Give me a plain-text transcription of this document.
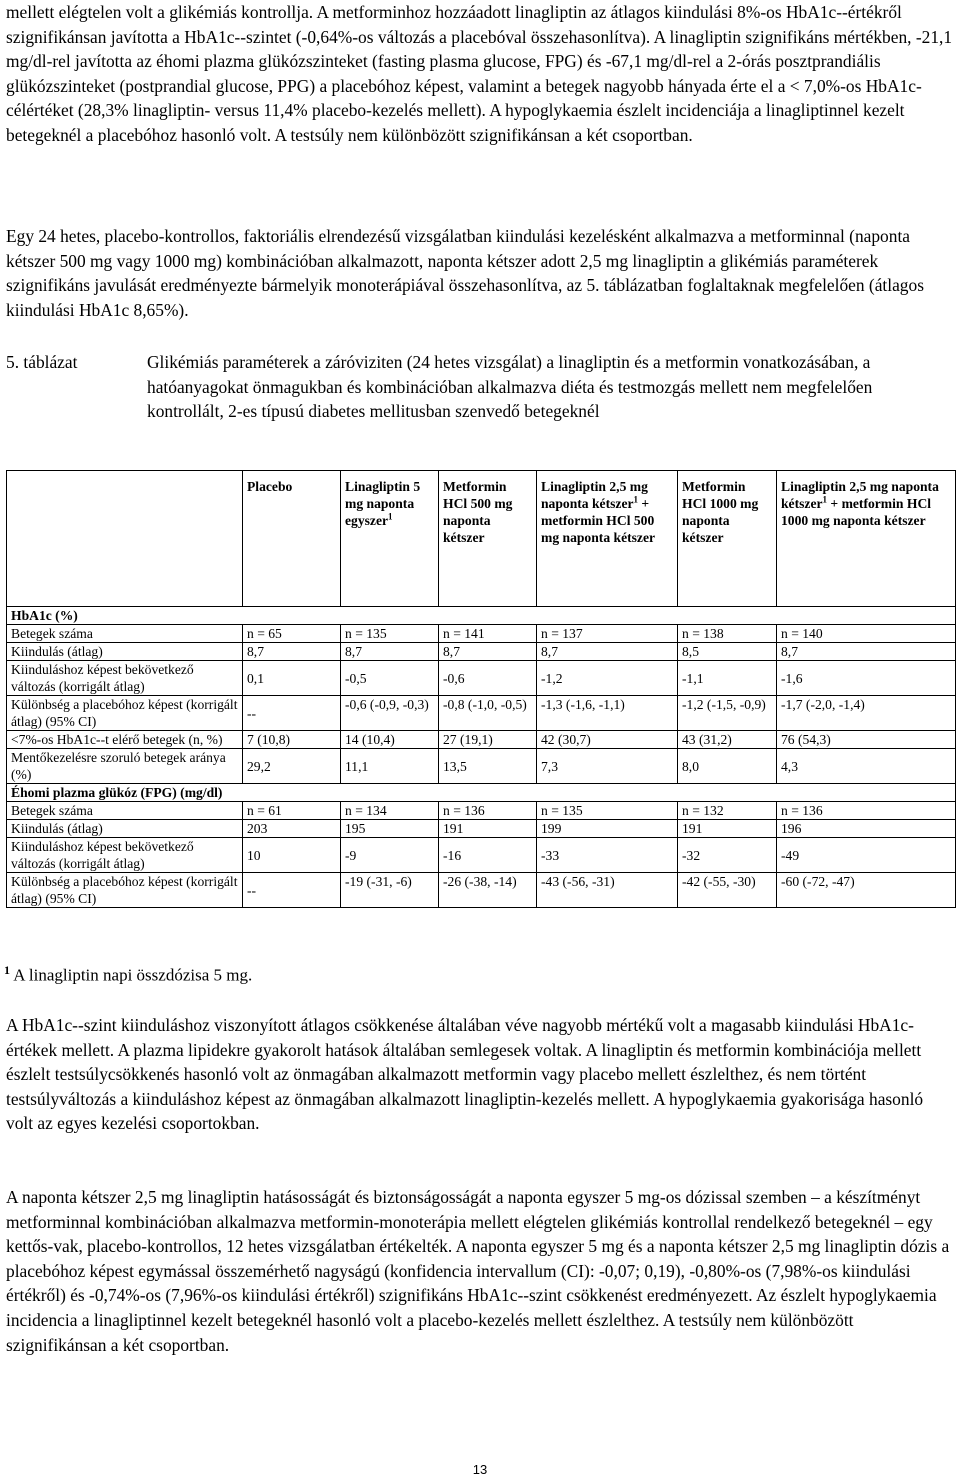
mellett elégtelen volt a glikémiás kontrollja. A metforminhoz hozzáadott linagliptin az átlagos kiindulási 8%-os HbA1c--értékről szignifikánsan javította a HbA1c--szintet (-0,64%-os változás a placebóval összehasonlítva). A linagliptin szignifikáns mértékben, -21,1 mg/dl-rel javította az éhomi plazma glükózszinteket (fasting plasma glucose, FPG) és -67,1 mg/dl-rel a 2-órás posztprandiális glükózszinteket (postprandial glucose, PPG) a placebóhoz képest, valamint a betegek nagyobb hányada érte el a < 7,0%-os HbA1c- célértéket (28,3% linagliptin- versus 11,4% placebo-kezelés mellett). A hypoglykaemia észlelt incidenciája a linagliptinnel kezelt betegeknél a placebóhoz hasonló volt. A testsúly nem különbözött szignifikánsan a két csoportban.

Egy 24 hetes, placebo-kontrollos, faktoriális elrendezésű vizsgálatban kiindulási kezelésként alkalmazva a metforminnal (naponta kétszer 500 mg vagy 1000 mg) kombinációban alkalmazott, naponta kétszer adott 2,5 mg linagliptin a glikémiás paraméterek szignifikáns javulását eredményezte bármelyik monoterápiával összehasonlítva, az 5. táblázatban foglaltaknak megfelelően (átlagos kiindulási HbA1c 8,65%).

5. táblázat	Glikémiás paraméterek a záróviziten (24 hetes vizsgálat) a linagliptin és a metformin vonatkozásában, a hatóanyagokat önmagukban és kombinációban alkalmazva diéta és testmozgás mellett nem megfelelően kontrollált, 2-es típusú diabetes mellitusban szenvedő betegeknél
	Placebo	Linagliptin 5 mg naponta egyszer$^1$	Metformin HCl 500 mg naponta kétszer	Linagliptin 2,5 mg naponta kétszer$^1$ + metformin HCl 500 mg naponta kétszer	Metformin HCl 1000 mg naponta kétszer	Linagliptin 2,5 mg naponta kétszer$^1$ + metformin HCl 1000 mg naponta kétszer
HbA1c (%)						
Betegek száma	n = 65	n = 135	n = 141	n = 137	n = 138	n = 140
Kiindulás (átlag)	8,7	8,7	8,7	8,7	8,5	8,7
Kiinduláshoz képest bekövetkező változás (korrigált átlag)	0,1	-0,5	-0,6	-1,2	-1,1	-1,6
Különbség a placebóhoz képest (korrigált átlag) (95% CI)	--	-0,6 (-0,9, -0,3)	-0,8 (-1,0, -0,5)	-1,3 (-1,6, -1,1)	-1,2 (-1,5, -0,9)	-1,7 (-2,0, -1,4)
<7%-os HbA1c--t elérő betegek (n, %)	7 (10,8)	14 (10,4)	27 (19,1)	42 (30,7)	43 (31,2)	76 (54,3)
Mentőkezelésre szoruló betegek aránya (%)	29,2	11,1	13,5	7,3	8,0	4,3
Éhomi plazma glükóz (FPG) (mg/dl)						
Betegek száma	n = 61	n = 134	n = 136	n = 135	n = 132	n = 136
Kiindulás (átlag)	203	195	191	199	191	196
Kiinduláshoz képest bekövetkező változás (korrigált átlag)	10	-9	-16	-33	-32	-49
Különbség a placebóhoz képest (korrigált átlag) (95% CI)	--	-19 (-31, -6)	-26 (-38, -14)	-43 (-56, -31)	-42 (-55, -30)	-60 (-72, -47)
$^1$ A linagliptin napi összdózisa 5 mg.

A HbA1c--szint kiinduláshoz viszonyított átlagos csökkenése általában véve nagyobb mértékű volt a magasabb kiindulási HbA1c- értékek mellett. A plazma lipidekre gyakorolt hatások általában semlegesek voltak. A linagliptin és metformin kombinációja mellett észlelt testsúlycsökkenés hasonló volt az önmagában alkalmazott metformin vagy placebo mellett észlelthez, és nem történt testsúlyváltozás a kiinduláshoz képest az önmagában alkalmazott linagliptin-kezelés mellett. A hypoglykaemia gyakorisága hasonló volt az egyes kezelési csoportokban.

A naponta kétszer 2,5 mg linagliptin hatásosságát és biztonságosságát a naponta egyszer 5 mg-os dózissal szemben – a készítményt metforminnal kombinációban alkalmazva metformin-monoterápia mellett elégtelen glikémiás kontrollal rendelkező betegeknél – egy kettős-vak, placebo-kontrollos, 12 hetes vizsgálatban értékelték. A naponta egyszer 5 mg és a naponta kétszer 2,5 mg linagliptin dózis a placebóhoz képest egymással összemérhető nagyságú (konfidencia intervallum (CI): -0,07; 0,19), -0,80%-os (7,98%-os kiindulási értékről) és -0,74%-os (7,96%-os kiindulási értékről) szignifikáns HbA1c--szint csökkenést eredményezett. Az észlelt hypoglykaemia incidencia a linagliptinnel kezelt betegeknél hasonló volt a placebo-kezelés mellett észlelthez. A testsúly nem különbözött szignifikánsan a két csoportban.

13
